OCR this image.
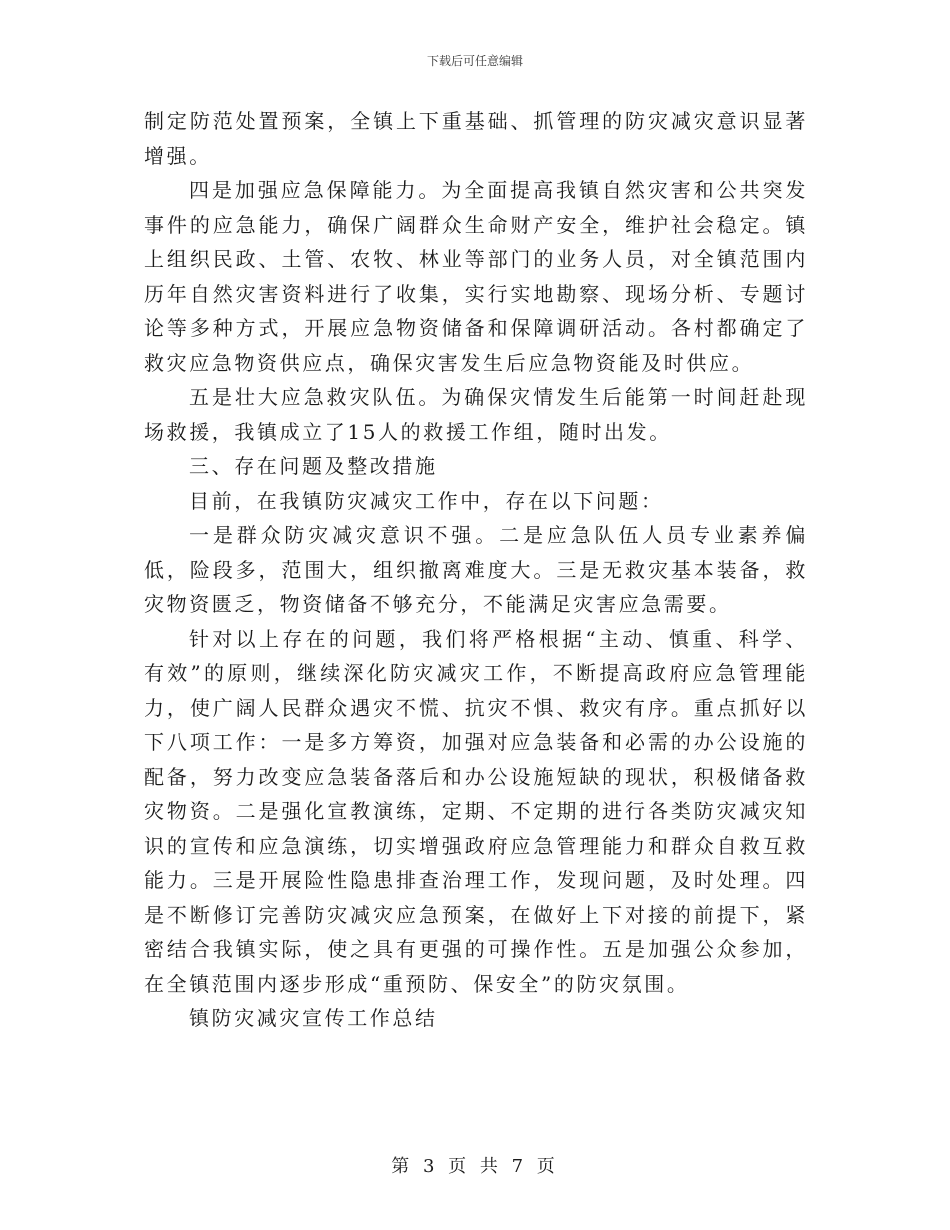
下载后可任意编辑

制定防范处置预案，全镇上下重基础、抓管理的防灾减灾意识显著增强。

四是加强应急保障能力。为全面提高我镇自然灾害和公共突发事件的应急能力，确保广阔群众生命财产安全，维护社会稳定。镇上组织民政、土管、农牧、林业等部门的业务人员，对全镇范围内历年自然灾害资料进行了收集，实行实地勘察、现场分析、专题讨论等多种方式，开展应急物资储备和保障调研活动。各村都确定了救灾应急物资供应点，确保灾害发生后应急物资能及时供应。

五是壮大应急救灾队伍。为确保灾情发生后能第一时间赶赴现场救援，我镇成立了15人的救援工作组，随时出发。

三、存在问题及整改措施

目前，在我镇防灾减灾工作中，存在以下问题：

一是群众防灾减灾意识不强。二是应急队伍人员专业素养偏低，险段多，范围大，组织撤离难度大。三是无救灾基本装备，救灾物资匮乏，物资储备不够充分，不能满足灾害应急需要。

针对以上存在的问题，我们将严格根据“主动、慎重、科学、有效”的原则，继续深化防灾减灾工作，不断提高政府应急管理能力，使广阔人民群众遇灾不慌、抗灾不惧、救灾有序。重点抓好以下八项工作：一是多方筹资，加强对应急装备和必需的办公设施的配备，努力改变应急装备落后和办公设施短缺的现状，积极储备救灾物资。二是强化宣教演练，定期、不定期的进行各类防灾减灾知识的宣传和应急演练，切实增强政府应急管理能力和群众自救互救能力。三是开展险性隐患排查治理工作，发现问题，及时处理。四是不断修订完善防灾减灾应急预案，在做好上下对接的前提下，紧密结合我镇实际，使之具有更强的可操作性。五是加强公众参加，在全镇范围内逐步形成“重预防、保安全”的防灾氛围。

镇防灾减灾宣传工作总结

第 3 页 共 7 页
